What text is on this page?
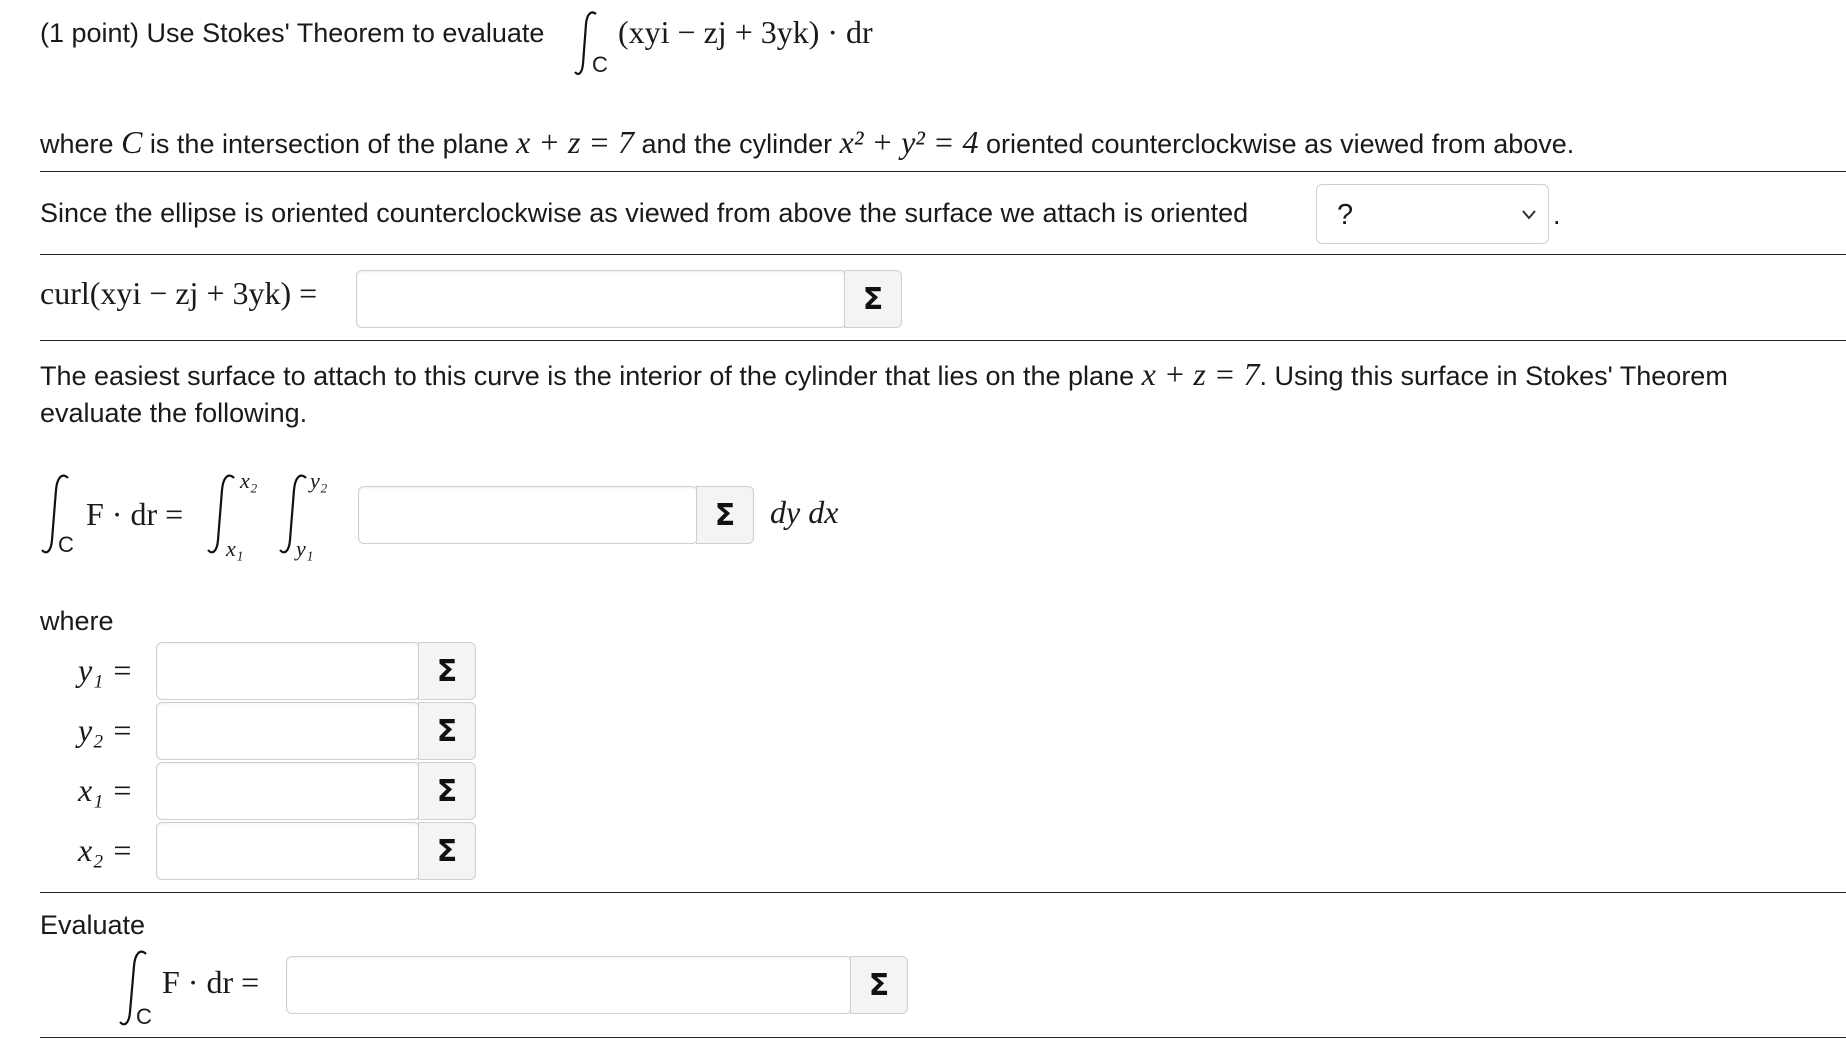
(1 point) Use Stokes' Theorem to evaluate
C
(xyi − zj + 3yk) · dr
where C is the intersection of the plane x + z = 7 and the cylinder x² + y² = 4 oriented counterclockwise as viewed from above.
Since the ellipse is oriented counterclockwise as viewed from above the surface we attach is oriented	?	.
curl(xyi − zj + 3yk) =	Σ
The easiest surface to attach to this curve is the interior of the cylinder that lies on the plane x + z = 7. Using this surface in Stokes' Theorem
evaluate the following.
C
F · dr =
x₂
x₁
y₂
y₁
Σ dy dx
where
y₁ =	Σ
y₂ =	Σ
x₁ =	Σ
x₂ =	Σ
Evaluate
C
F · dr =	Σ
